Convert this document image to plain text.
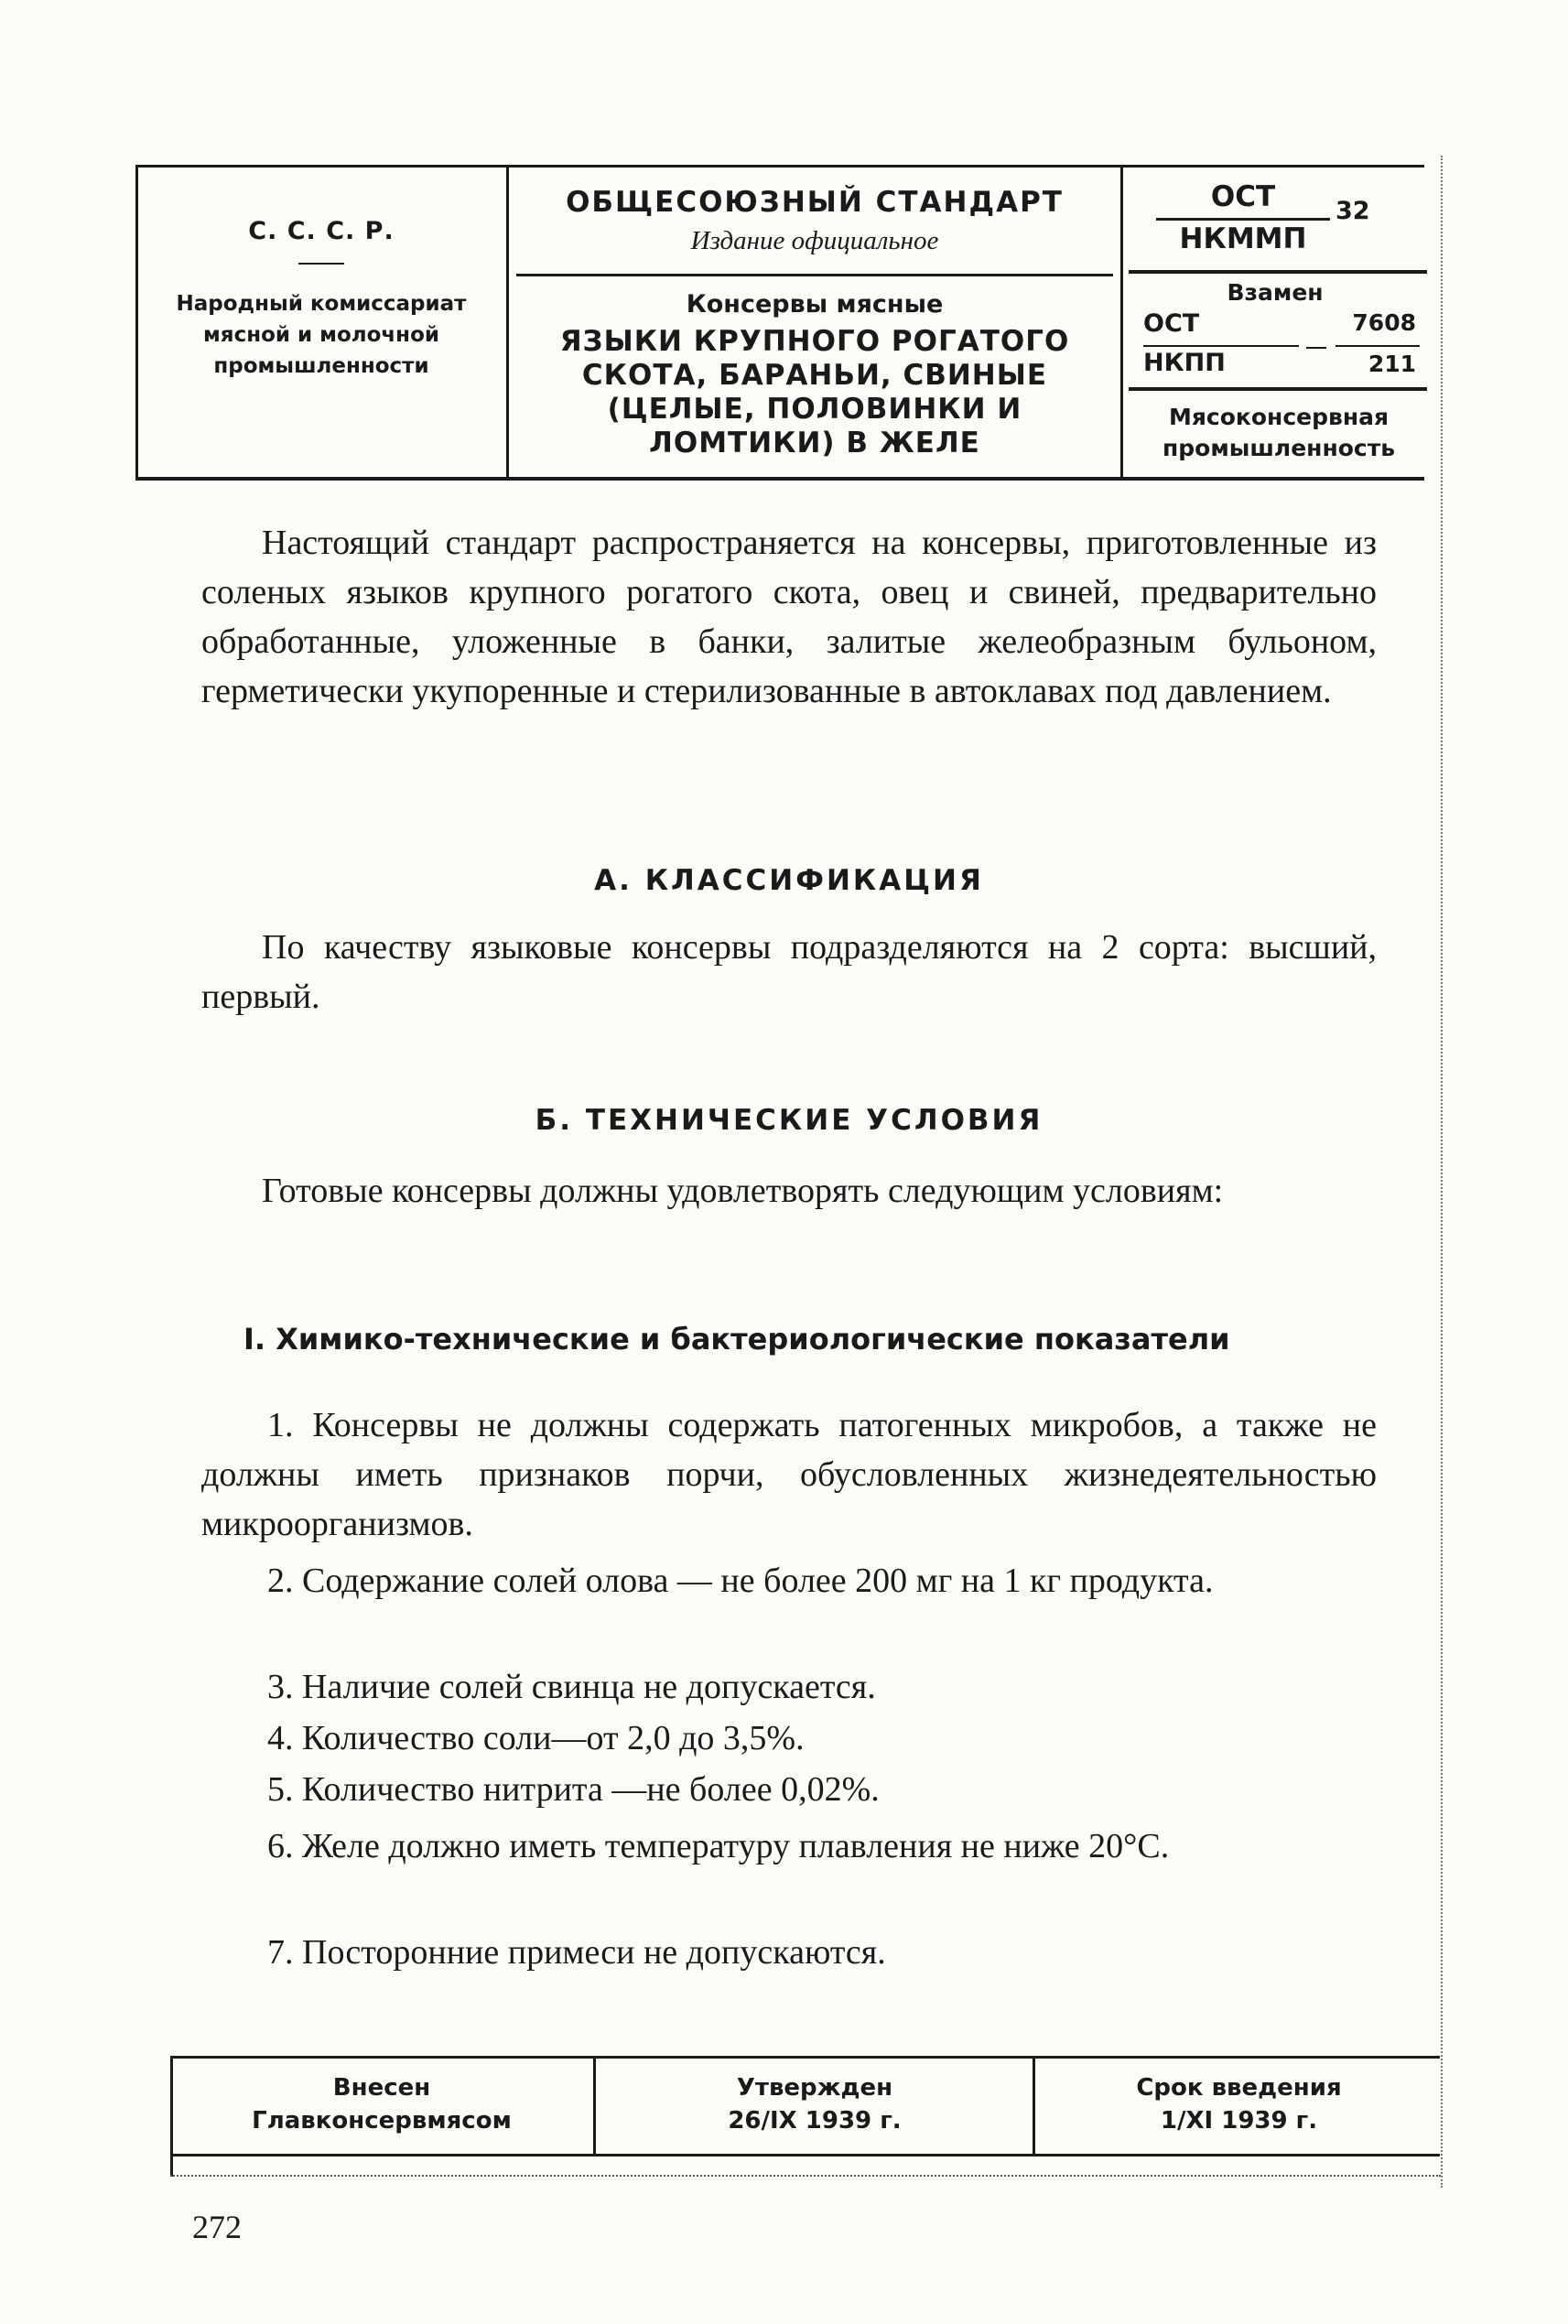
С. С. С. Р.
Народный комиссариат мясной и молочной промышленности
ОБЩЕСОЮЗНЫЙ СТАНДАРТ
Издание официальное
Консервы мясные
ЯЗЫКИ КРУПНОГО РОГАТОГО СКОТА, БАРАНЬИ, СВИНЫЕ (ЦЕЛЫЕ, ПОЛОВИНКИ И ЛОМТИКИ) В ЖЕЛЕ
ОСТ
НКММП
32
Взамен
ОСТ	7608
НКПП	211
Мясоконсервная промышленность
Настоящий стандарт распространяется на консервы, приготовленные из соленых языков крупного рогатого скота, овец и свиней, предварительно обработанные, уложенные в банки, залитые желеобразным бульоном, герметически укупоренные и стерилизованные в автоклавах под давлением.
А. КЛАССИФИКАЦИЯ
По качеству языковые консервы подразделяются на 2 сорта: высший, первый.
Б. ТЕХНИЧЕСКИЕ УСЛОВИЯ
Готовые консервы должны удовлетворять следующим условиям:
I. Химико-технические и бактериологические показатели
1. Консервы не должны содержать патогенных микробов, а также не должны иметь признаков порчи, обусловленных жизнедеятельностью микроорганизмов.
2. Содержание солей олова — не более 200 мг на 1 кг продукта.
3. Наличие солей свинца не допускается.
4. Количество соли—от 2,0 до 3,5%.
5. Количество нитрита —не более 0,02%.
6. Желе должно иметь температуру плавления не ниже 20°С.
7. Посторонние примеси не допускаются.
Внесен
Главконсервмясом
Утвержден
26/IX 1939 г.
Срок введения
1/XI 1939 г.
272
